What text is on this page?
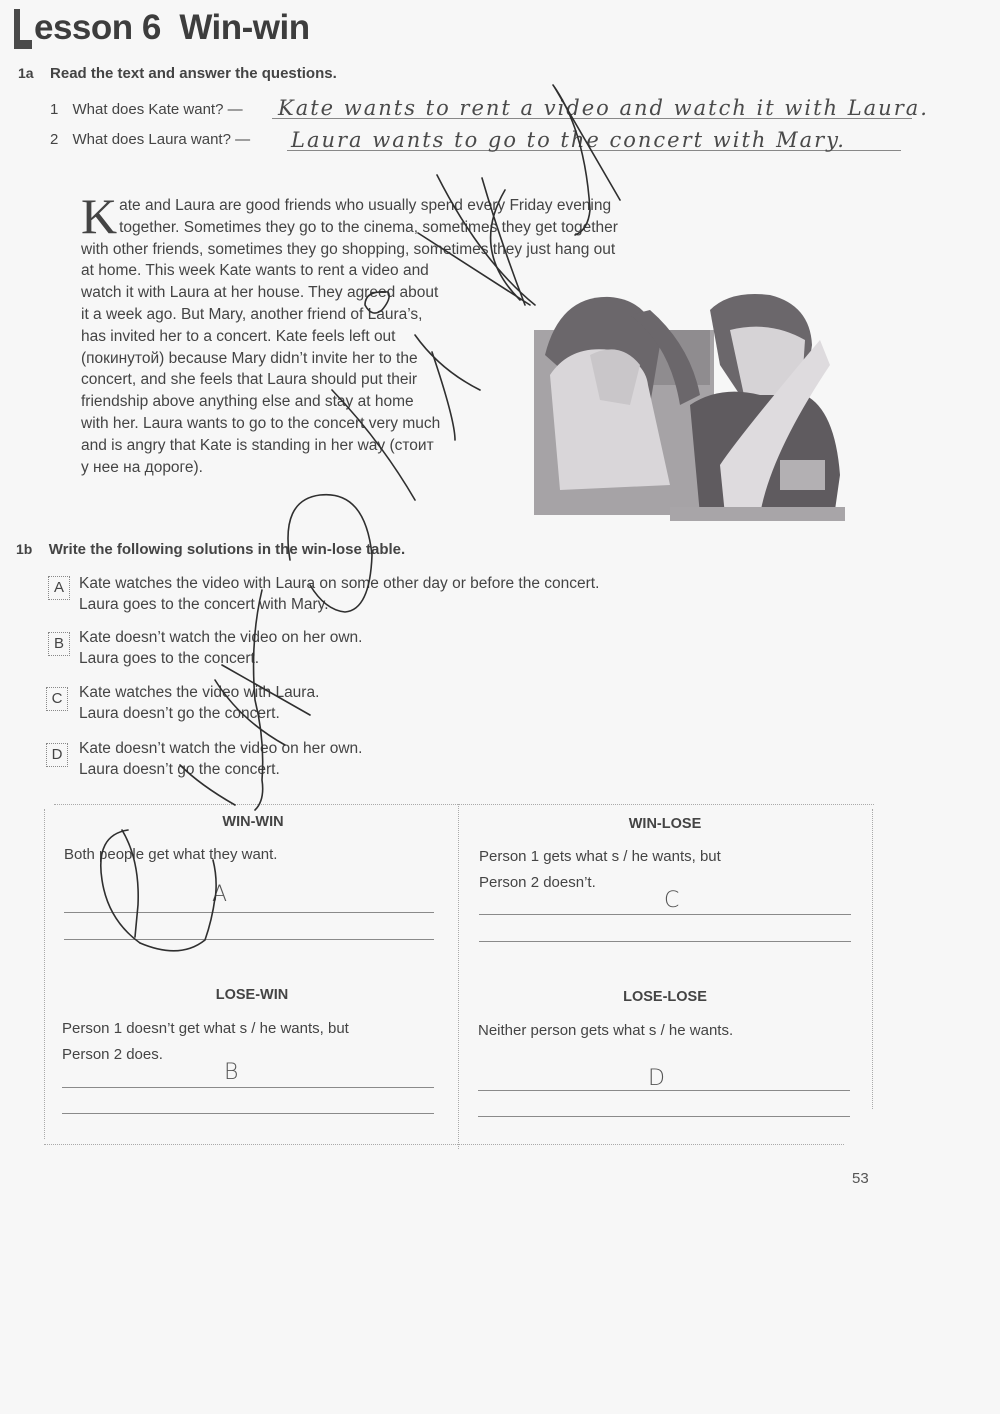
esson 6 Win-win
1a Read the text and answer the questions.
1 What does Kate want? — Kate wants to rent a video and watch it with Laura.
2 What does Laura want? — Laura wants to go to the concert with Mary.
K ate and Laura are good friends who usually spend every Friday evening
together. Sometimes they go to the cinema, sometimes they get together
with other friends, sometimes they go shopping, sometimes they just hang out
at home. This week Kate wants to rent a video and
watch it with Laura at her house. They agreed about
it a week ago. But Mary, another friend of Laura’s,
has invited her to a concert. Kate feels left out
(покинутой) because Mary didn’t invite her to the
concert, and she feels that Laura should put their
friendship above anything else and stay at home
with her. Laura wants to go to the concert very much
and is angry that Kate is standing in her way (стоит
у нее на дороге).
1b Write the following solutions in the win-lose table.
A Kate watches the video with Laura on some other day or before the concert.
Laura goes to the concert with Mary.
B Kate doesn’t watch the video on her own.
Laura goes to the concert.
C	Kate watches the video with Laura.
Laura doesn’t go the concert.
D	Kate doesn’t watch the video on her own.
Laura doesn’t go the concert.
WIN-WIN
Both people get what they want.
A
WIN-LOSE
Person 1 gets what s / he wants, but
Person 2 doesn’t.
C
LOSE-WIN
Person 1 doesn’t get what s / he wants, but
Person 2 does.
B
LOSE-LOSE
Neither person gets what s / he wants.
D
53
